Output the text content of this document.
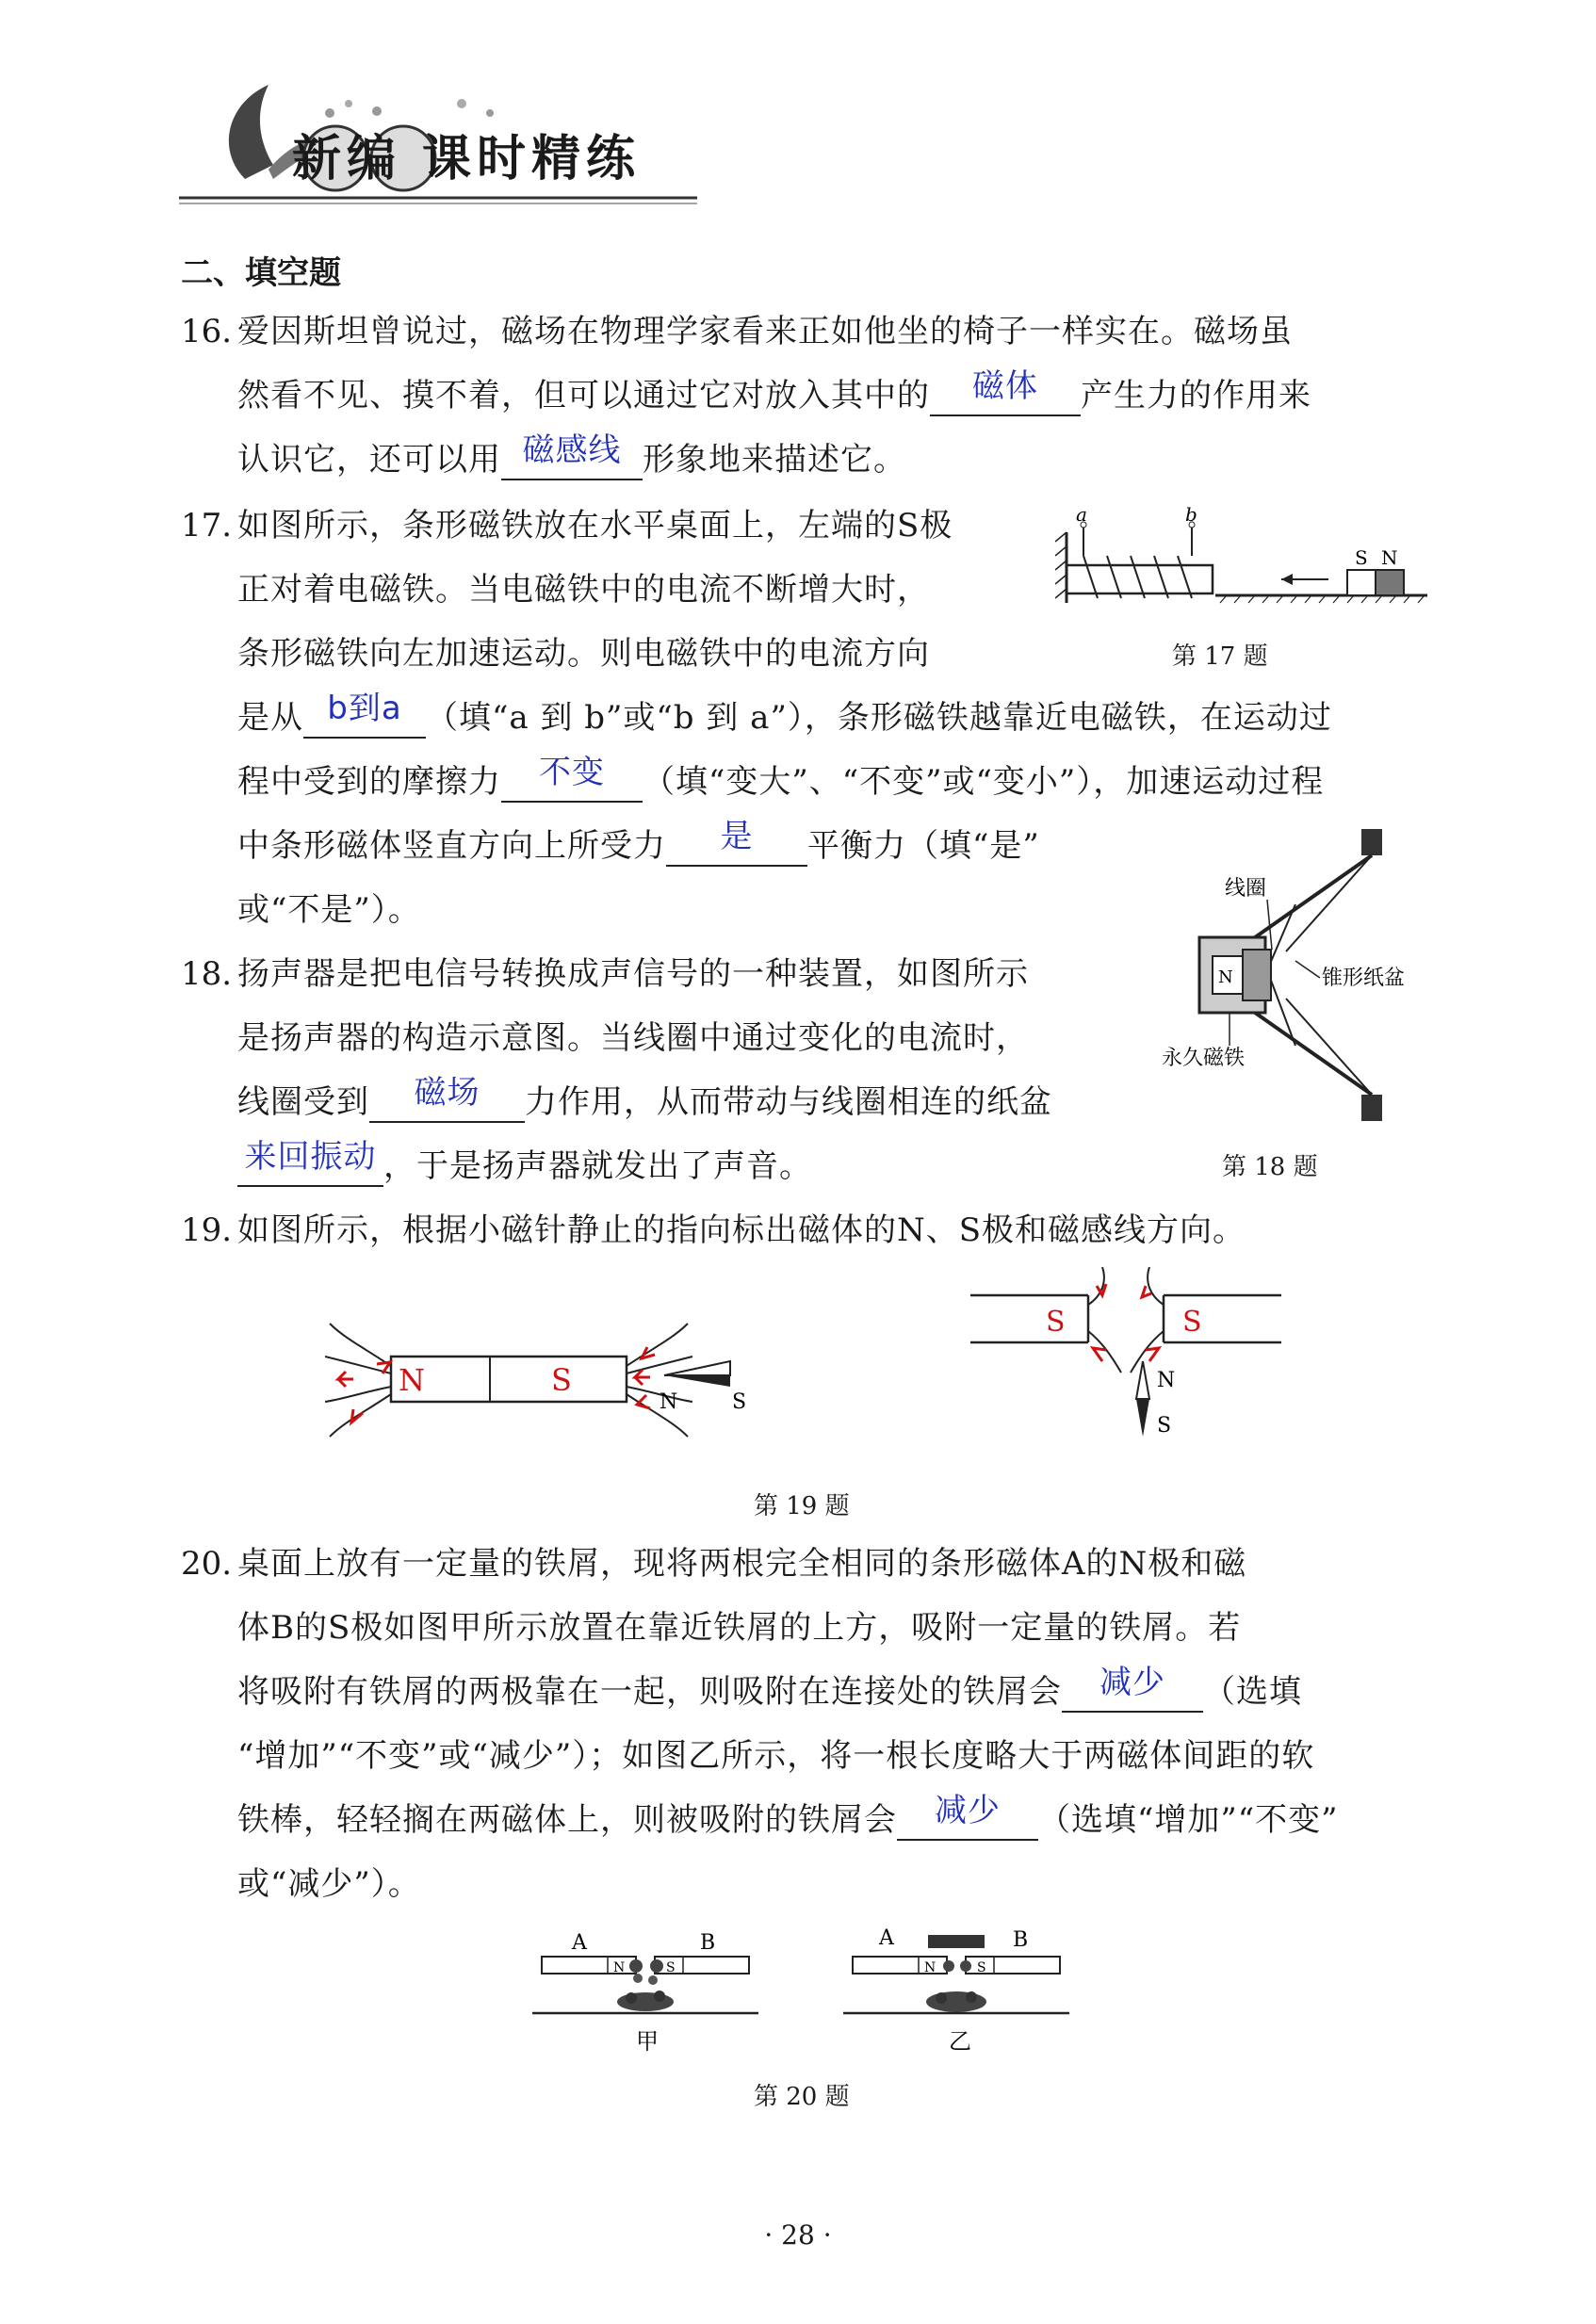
新编 课时精练
二、填空题
16. 爱因斯坦曾说过，磁场在物理学家看来正如他坐的椅子一样实在。磁场虽
然看不见、摸不着，但可以通过它对放入其中的	磁体	产生力的作用来
认识它，还可以用 磁感线 形象地来描述它。
17. 如图所示，条形磁铁放在水平桌面上，左端的S极
正对着电磁铁。当电磁铁中的电流不断增大时，
条形磁铁向左加速运动。则电磁铁中的电流方向
是从 b到a （填“a 到 b”或“b 到 a”），条形磁铁越靠近电磁铁，在运动过
程中受到的摩擦力	不变	（填“变大”、“不变”或“变小”），加速运动过程
中条形磁体竖直方向上所受力	是	平衡力（填“是”
或“不是”）。
a	b
S N
第 17 题
18. 扬声器是把电信号转换成声信号的一种装置，如图所示
是扬声器的构造示意图。当线圈中通过变化的电流时，
线圈受到	磁场	力作用，从而带动与线圈相连的纸盆
来回振动 ，于是扬声器就发出了声音。
N
线圈
锥形纸盆
永久磁铁
第 18 题
19. 如图所示，根据小磁针静止的指向标出磁体的N、S极和磁感线方向。
N	S
N	S
S	S
N
S
第 19 题
20. 桌面上放有一定量的铁屑，现将两根完全相同的条形磁体A的N极和磁
体B的S极如图甲所示放置在靠近铁屑的上方，吸附一定量的铁屑。若
将吸附有铁屑的两极靠在一起，则吸附在连接处的铁屑会	减少	（选填
“增加”“不变”或“减少”）；如图乙所示，将一根长度略大于两磁体间距的软
铁棒，轻轻搁在两磁体上，则被吸附的铁屑会	减少	（选填“增加”“不变”
或“减少”）。
A	B
N	S
甲
A	B
N	S
乙
第 20 题
· 28 ·
